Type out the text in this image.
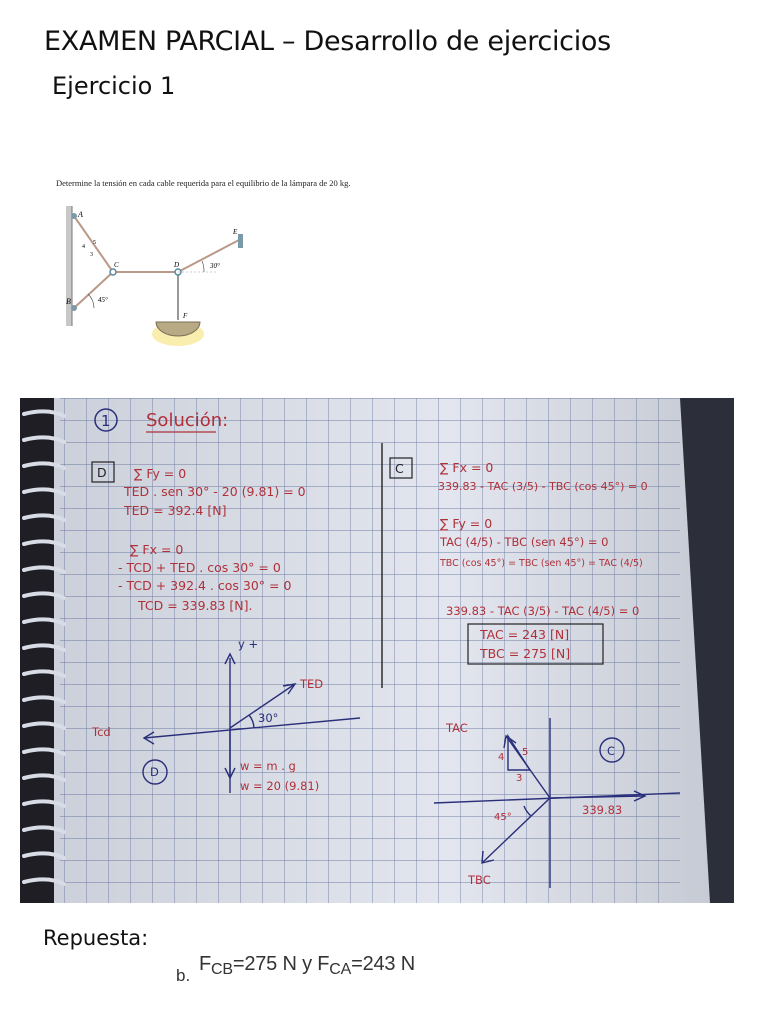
EXAMEN PARCIAL – Desarrollo de ejercicios
Ejercicio 1
Determine la tensión en cada cable requerida para el equilibrio de la lámpara de 20 kg.
A
B
C	D
E
F
45°
30°
4
3
5
1 Solución:
D ∑ Fy = 0
TED . sen 30° - 20 (9.81) = 0
TED = 392.4 [N]
∑ Fx = 0
- TCD + TED . cos 30° = 0
- TCD + 392.4 . cos 30° = 0
TCD = 339.83 [N].
y +
TED
30°
Tcd
w = m . g
w = 20 (9.81)
D
C	∑ Fx = 0
339.83 - TAC (3/5) - TBC (cos 45°) = 0
∑ Fy = 0
TAC (4/5) - TBC (sen 45°) = 0
TBC (cos 45°) = TBC (sen 45°) = TAC (4/5)
339.83 - TAC (3/5) - TAC (4/5) = 0
TAC = 243 [N]
TBC = 275 [N]
TAC
5
4
3
45°
339.83
TBC
C
Repuesta:
b.
$F_{CB}=275$ N y $F_{CA}=243$ N
